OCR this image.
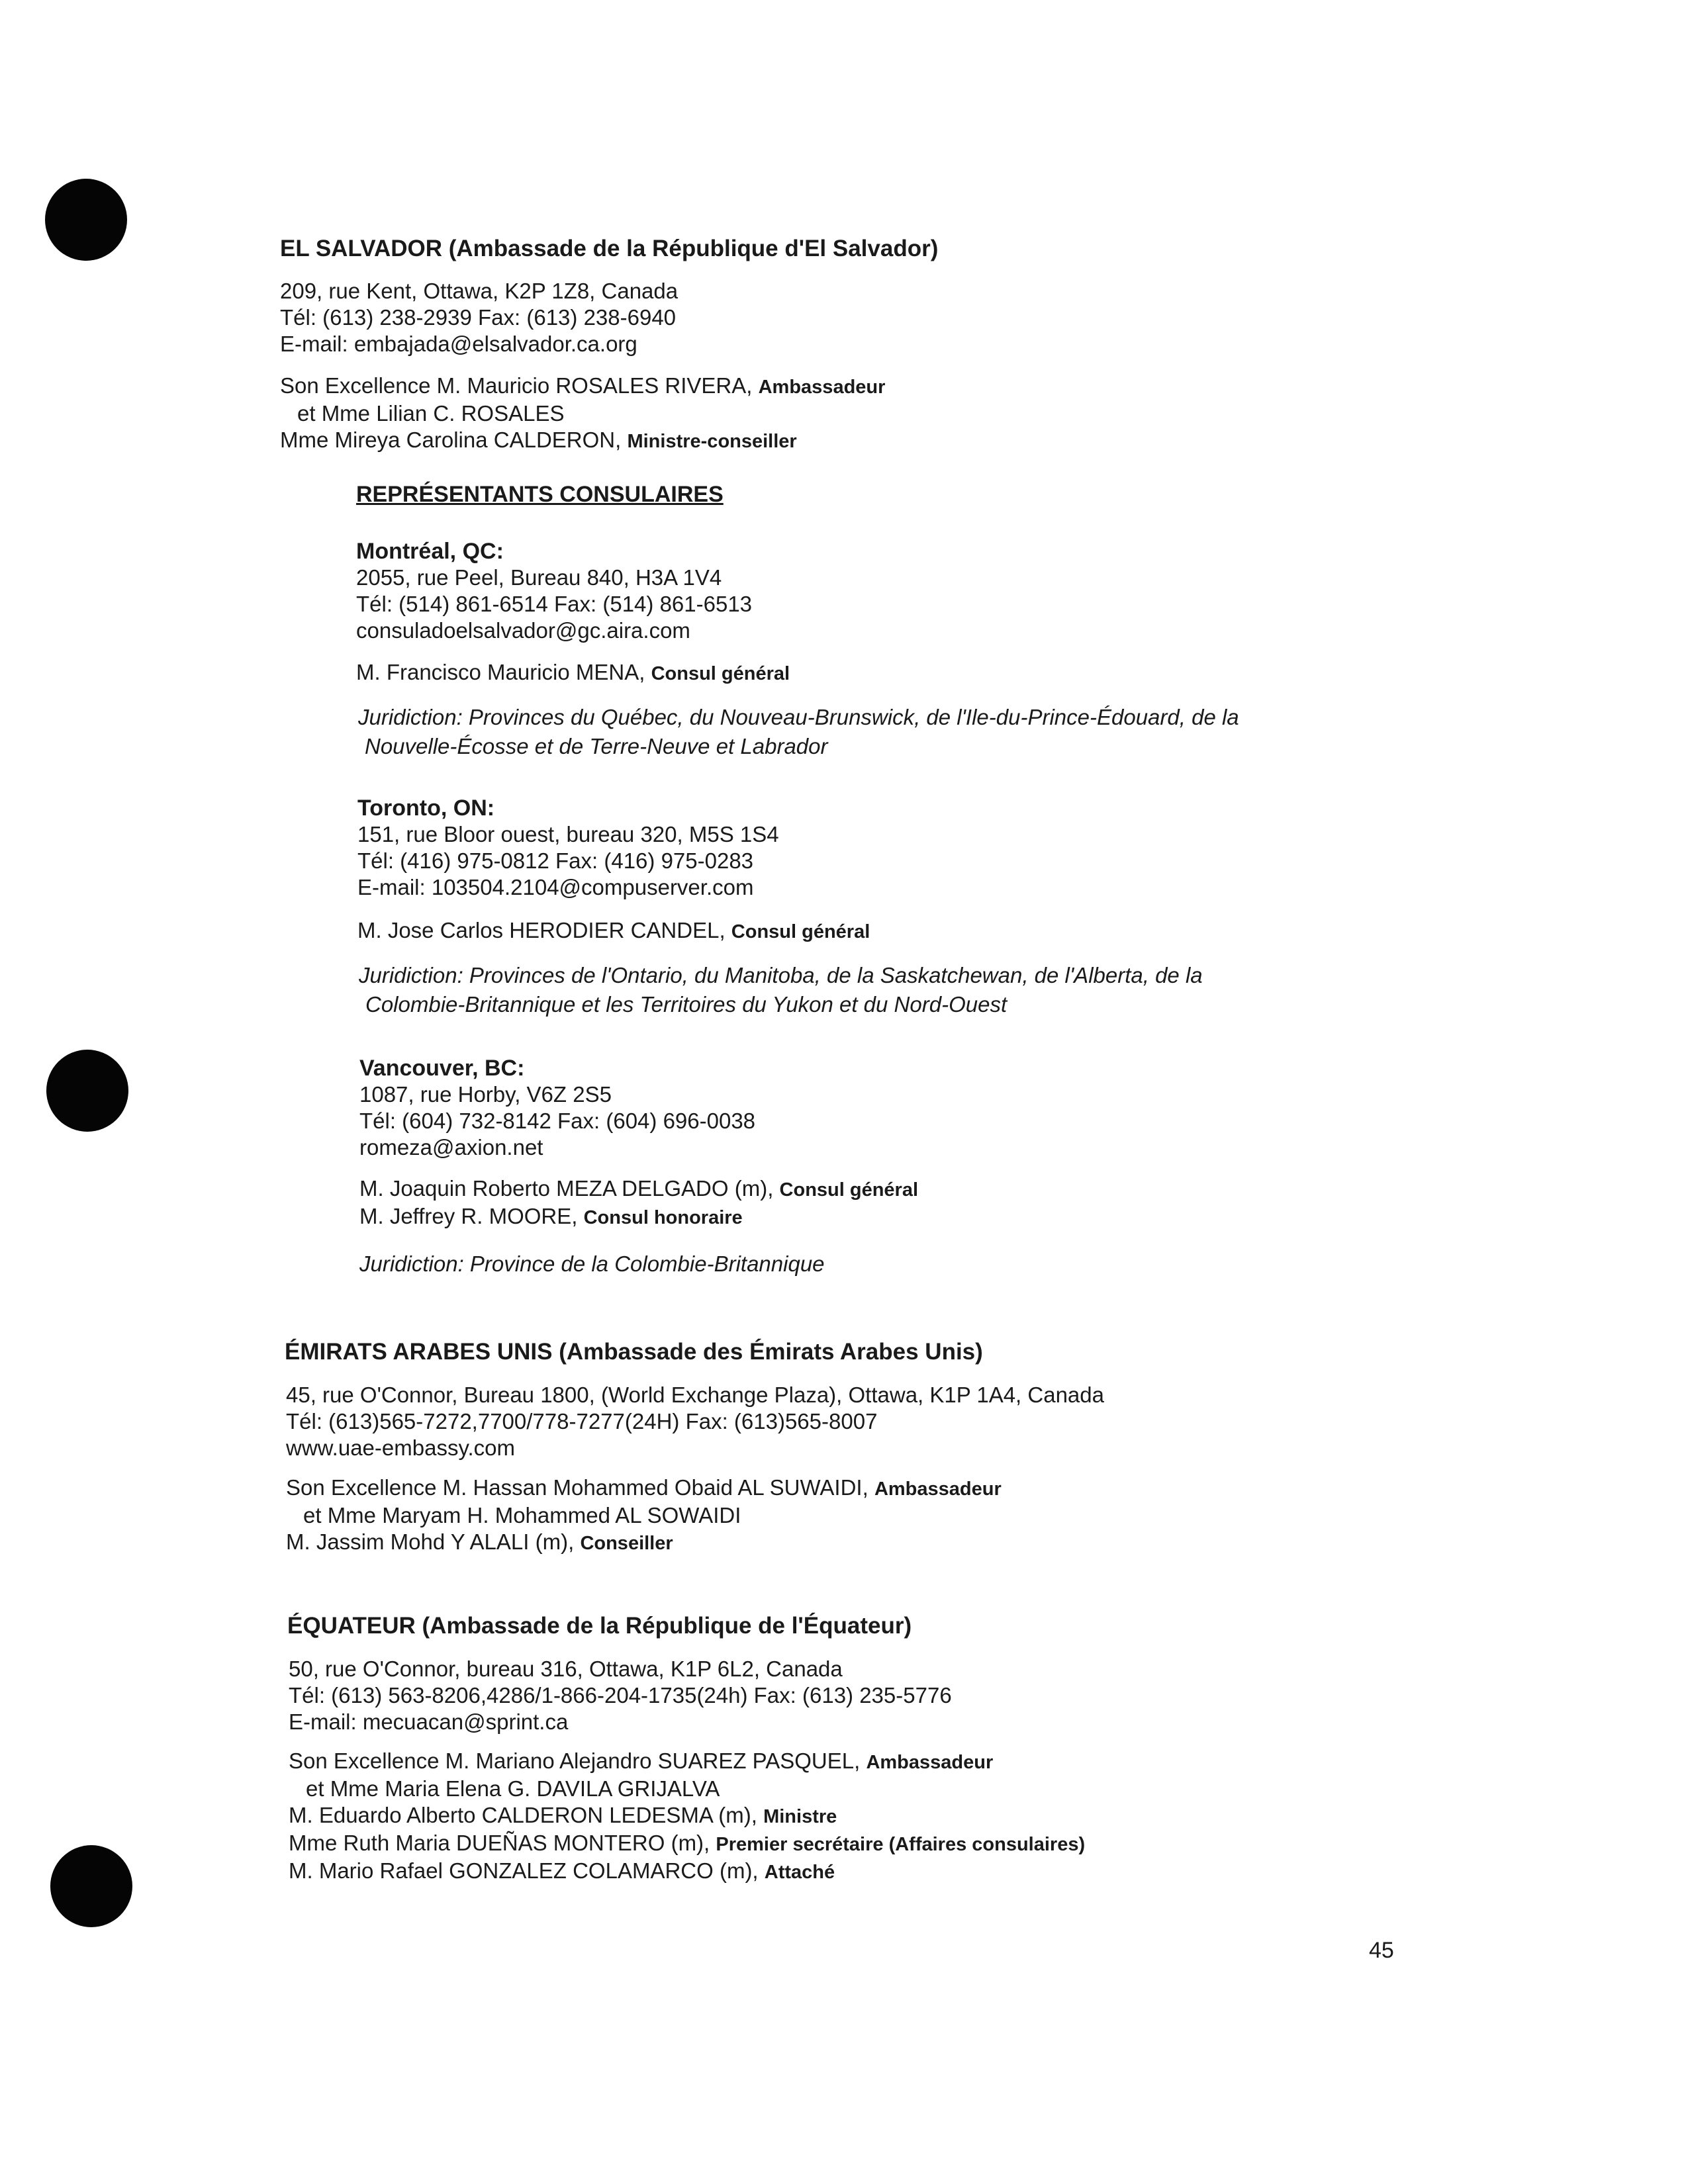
EL SALVADOR (Ambassade de la République d'El Salvador)
209, rue Kent, Ottawa, K2P 1Z8, Canada
Tél: (613) 238-2939 Fax: (613) 238-6940
E-mail: embajada@elsalvador.ca.org
Son Excellence M. Mauricio ROSALES RIVERA, Ambassadeur
et Mme Lilian C. ROSALES
Mme Mireya Carolina CALDERON, Ministre-conseiller
REPRÉSENTANTS CONSULAIRES
Montréal, QC:
2055, rue Peel, Bureau 840, H3A 1V4
Tél: (514) 861-6514 Fax: (514) 861-6513
consuladoelsalvador@gc.aira.com
M. Francisco Mauricio MENA, Consul général
Juridiction: Provinces du Québec, du Nouveau-Brunswick, de l'Ile-du-Prince-Édouard, de la
Nouvelle-Écosse et de Terre-Neuve et Labrador
Toronto, ON:
151, rue Bloor ouest, bureau 320, M5S 1S4
Tél: (416) 975-0812 Fax: (416) 975-0283
E-mail: 103504.2104@compuserver.com
M. Jose Carlos HERODIER CANDEL, Consul général
Juridiction: Provinces de l'Ontario, du Manitoba, de la Saskatchewan, de l'Alberta, de la
Colombie-Britannique et les Territoires du Yukon et du Nord-Ouest
Vancouver, BC:
1087, rue Horby, V6Z 2S5
Tél: (604) 732-8142 Fax: (604) 696-0038
romeza@axion.net
M. Joaquin Roberto MEZA DELGADO (m), Consul général
M. Jeffrey R. MOORE, Consul honoraire
Juridiction: Province de la Colombie-Britannique
ÉMIRATS ARABES UNIS (Ambassade des Émirats Arabes Unis)
45, rue O'Connor, Bureau 1800, (World Exchange Plaza), Ottawa, K1P 1A4, Canada
Tél: (613)565-7272,7700/778-7277(24H) Fax: (613)565-8007
www.uae-embassy.com
Son Excellence M. Hassan Mohammed Obaid AL SUWAIDI, Ambassadeur
et Mme Maryam H. Mohammed AL SOWAIDI
M. Jassim Mohd Y ALALI (m), Conseiller
ÉQUATEUR (Ambassade de la République de l'Équateur)
50, rue O'Connor, bureau 316, Ottawa, K1P 6L2, Canada
Tél: (613) 563-8206,4286/1-866-204-1735(24h) Fax: (613) 235-5776
E-mail: mecuacan@sprint.ca
Son Excellence M. Mariano Alejandro SUAREZ PASQUEL, Ambassadeur
et Mme Maria Elena G. DAVILA GRIJALVA
M. Eduardo Alberto CALDERON LEDESMA (m), Ministre
Mme Ruth Maria DUEÑAS MONTERO (m), Premier secrétaire (Affaires consulaires)
M. Mario Rafael GONZALEZ COLAMARCO (m), Attaché
45
